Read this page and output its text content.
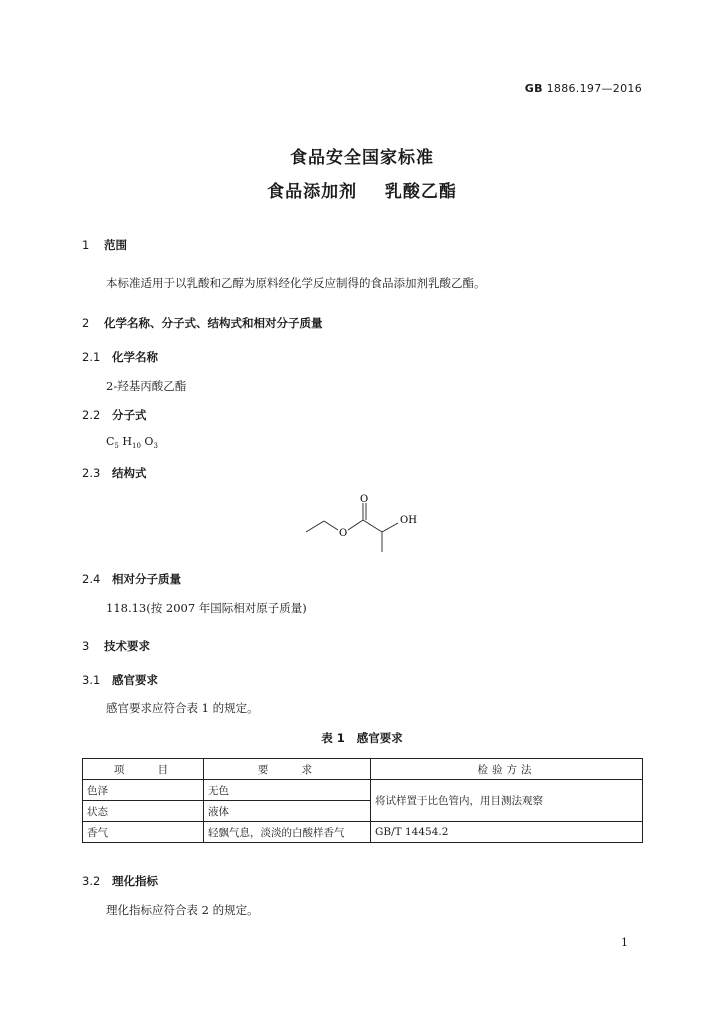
GB 1886.197—2016
食品安全国家标准
食品添加剂    乳酸乙酯
1 范围
本标准适用于以乳酸和乙醇为原料经化学反应制得的食品添加剂乳酸乙酯。
2 化学名称、分子式、结构式和相对分子质量
2.1 化学名称
2-羟基丙酸乙酯
2.2 分子式
$C_5$ $H_{10}$ $O_3$
2.3 结构式
O
O
OH
2.4 相对分子质量
118.13(按 2007 年国际相对原子质量)
3 技术要求
3.1 感官要求
感官要求应符合表 1 的规定。
表 1   感官要求
项    目	要    求	检验方法
色泽	无色	将试样置于比色管内，用目测法观察
状态	液体	
香气	轻飘气息，淡淡的白酸样香气	GB/T 14454.2
3.2 理化指标
理化指标应符合表 2 的规定。
1
